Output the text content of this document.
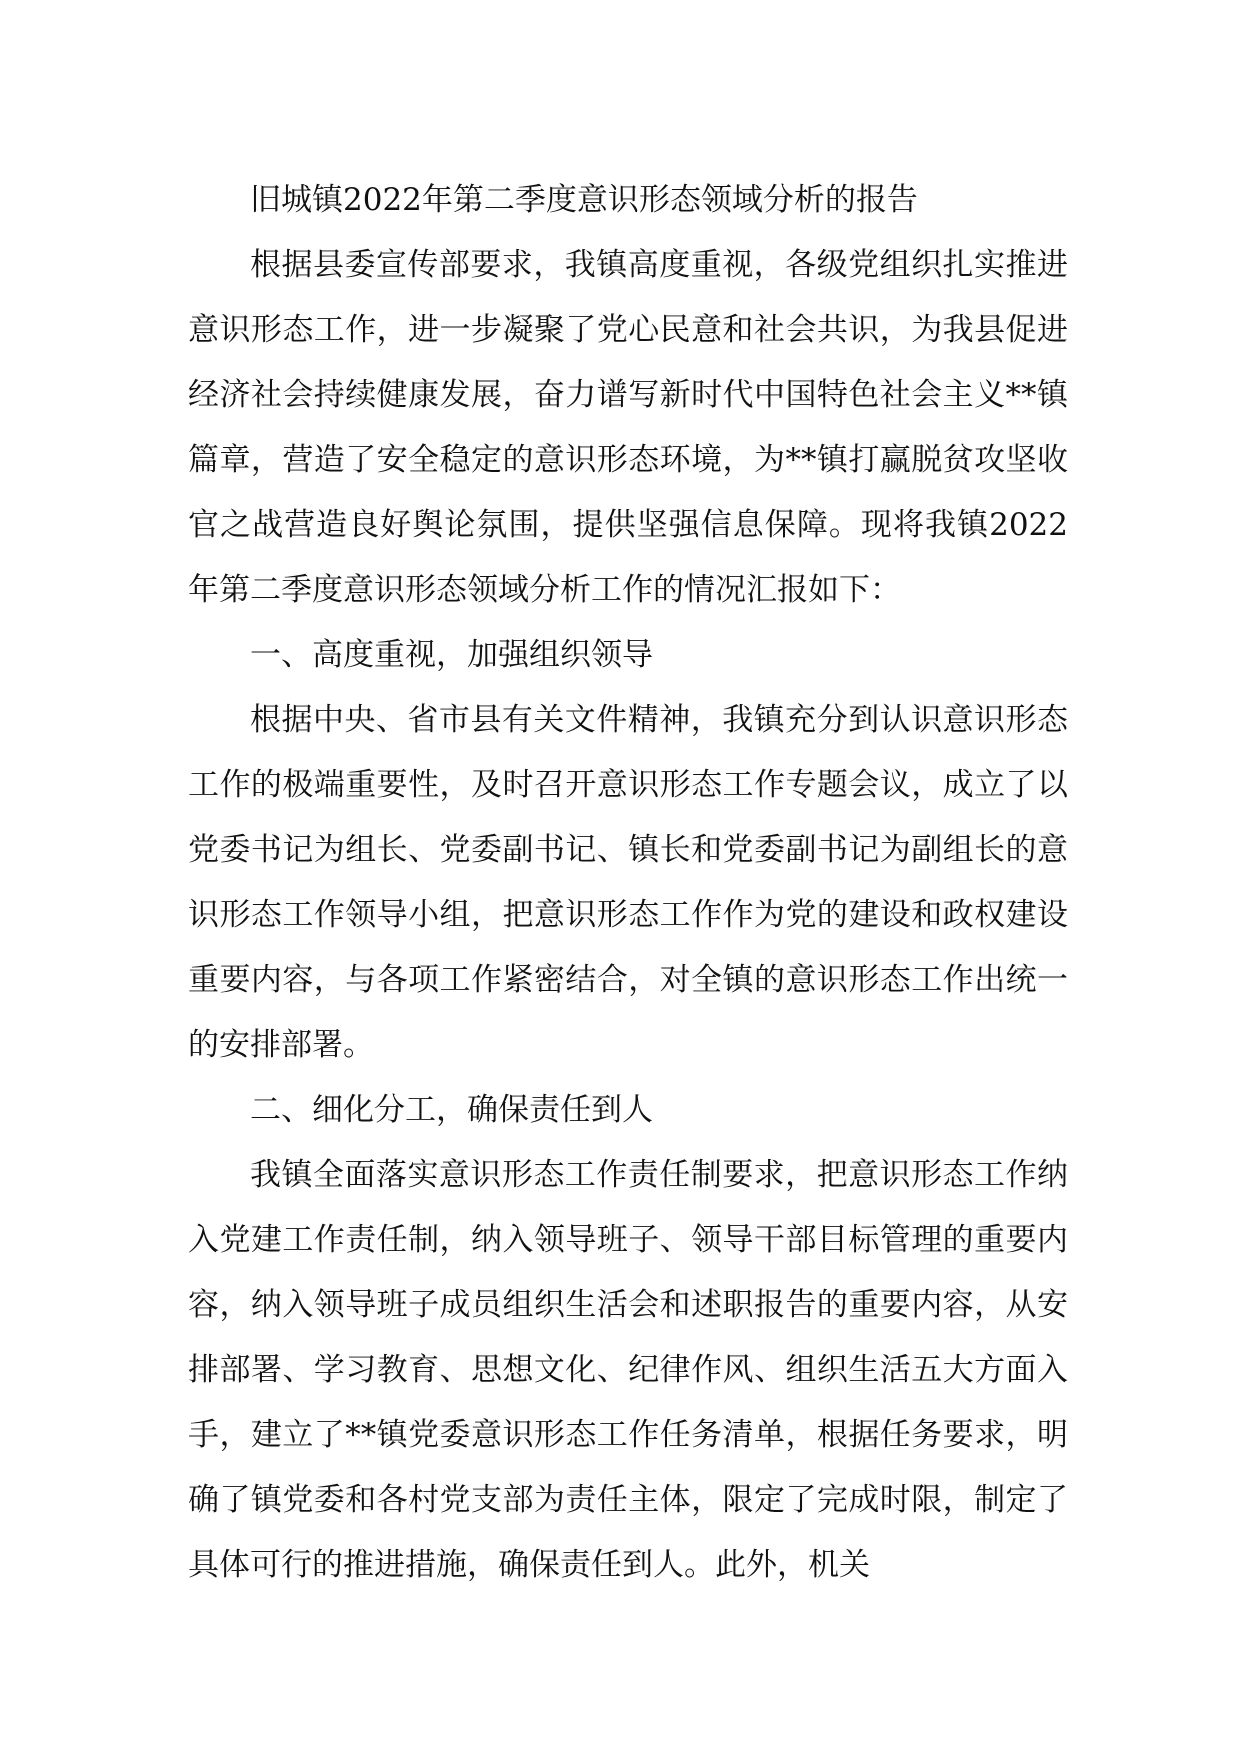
旧城镇2022年第二季度意识形态领域分析的报告

根据县委宣传部要求，我镇高度重视，各级党组织扎实推进意识形态工作，进一步凝聚了党心民意和社会共识，为我县促进经济社会持续健康发展，奋力谱写新时代中国特色社会主义**镇篇章，营造了安全稳定的意识形态环境，为**镇打赢脱贫攻坚收官之战营造良好舆论氛围，提供坚强信息保障。现将我镇2022年第二季度意识形态领域分析工作的情况汇报如下：

一、高度重视，加强组织领导

根据中央、省市县有关文件精神，我镇充分到认识意识形态工作的极端重要性，及时召开意识形态工作专题会议，成立了以党委书记为组长、党委副书记、镇长和党委副书记为副组长的意识形态工作领导小组，把意识形态工作作为党的建设和政权建设重要内容，与各项工作紧密结合，对全镇的意识形态工作出统一的安排部署。

二、细化分工，确保责任到人

我镇全面落实意识形态工作责任制要求，把意识形态工作纳入党建工作责任制，纳入领导班子、领导干部目标管理的重要内容，纳入领导班子成员组织生活会和述职报告的重要内容，从安排部署、学习教育、思想文化、纪律作风、组织生活五大方面入手，建立了**镇党委意识形态工作任务清单，根据任务要求，明确了镇党委和各村党支部为责任主体，限定了完成时限，制定了具体可行的推进措施，确保责任到人。此外，机关
